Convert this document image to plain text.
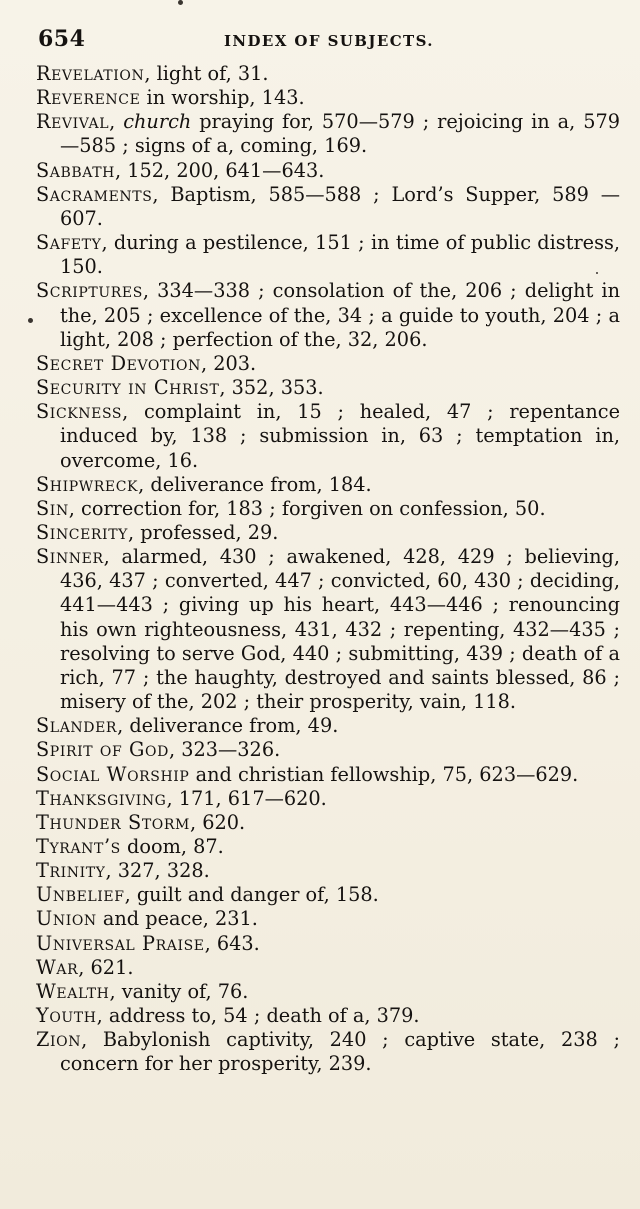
654	INDEX OF SUBJECTS.

Revelation, light of, 31.

Reverence in worship, 143.

Revival, church praying for, 570—579 ; rejoicing in a, 579—585 ; signs of a, coming, 169.

Sabbath, 152, 200, 641—643.

Sacraments, Baptism, 585—588 ; Lord’s Supper, 589 —607.

Safety, during a pestilence, 151 ; in time of public distress, 150.

Scriptures, 334—338 ; consolation of the, 206 ; delight in the, 205 ; excellence of the, 34 ; a guide to youth, 204 ; a light, 208 ; perfection of the, 32, 206.

Secret Devotion, 203.

Security in Christ, 352, 353.

Sickness, complaint in, 15 ; healed, 47 ; repentance induced by, 138 ; submission in, 63 ; temptation in, overcome, 16.

Shipwreck, deliverance from, 184.

Sin, correction for, 183 ; forgiven on confession, 50.

Sincerity, professed, 29.

Sinner, alarmed, 430 ; awakened, 428, 429 ; believing, 436, 437 ; converted, 447 ; convicted, 60, 430 ; deciding, 441—443 ; giving up his heart, 443—446 ; renouncing his own righteousness, 431, 432 ; repenting, 432—435 ; resolving to serve God, 440 ; submitting, 439 ; death of a rich, 77 ; the haughty, destroyed and saints blessed, 86 ; misery of the, 202 ; their prosperity, vain, 118.

Slander, deliverance from, 49.

Spirit of God, 323—326.

Social Worship and christian fellowship, 75, 623—629.

Thanksgiving, 171, 617—620.

Thunder Storm, 620.

Tyrant’s doom, 87.

Trinity, 327, 328.

Unbelief, guilt and danger of, 158.

Union and peace, 231.

Universal Praise, 643.

War, 621.

Wealth, vanity of, 76.

Youth, address to, 54 ; death of a, 379.

Zion, Babylonish captivity, 240 ; captive state, 238 ; concern for her prosperity, 239.
